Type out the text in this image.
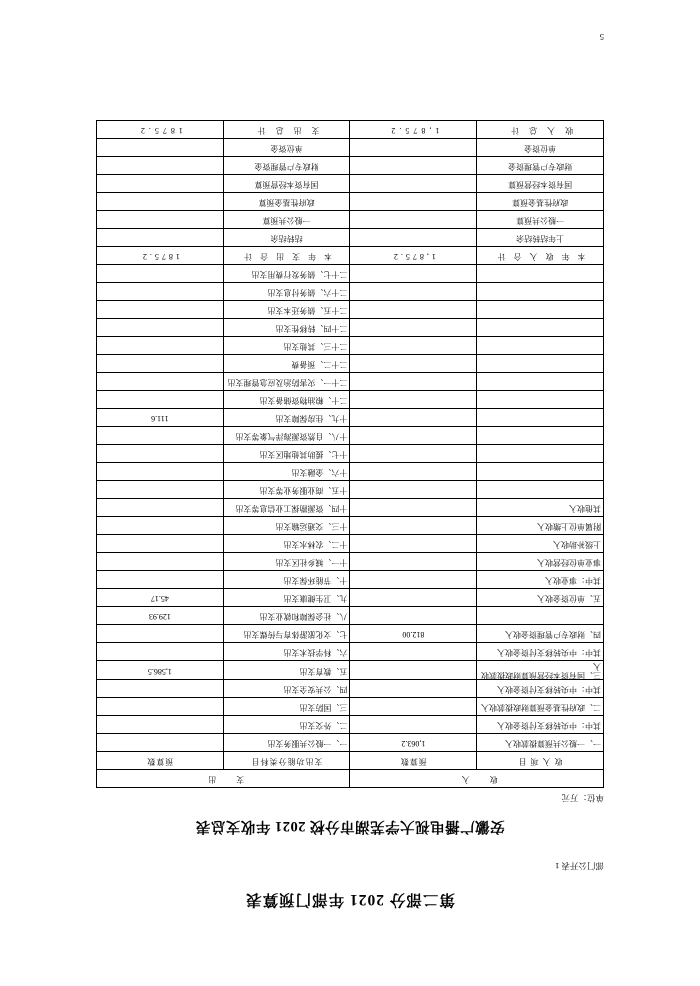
第二部分 2021 年部门预算表
部门公开表 1
安徽广播电视大学芜湖市分校 2021 年收支总表
单位：万元
5
收　入		支　出	
收 入 项 目	预算数	支出功能分类科目	预算数
一、一般公共预算拨款收入	1,063.2	一、一般公共服务支出	
其中：中央转移支付资金收入		二、外交支出	
二、政府性基金预算财政拨款收入		三、国防支出	
其中：中央转移支付资金收入		四、公共安全支出	
三、国有资本经营预算财政拨款收入		五、教育支出	1,586.5
其中：中央转移支付资金收入		六、科学技术支出	
四、财政专户管理资金收入	812.00	七、文化旅游体育与传媒支出	
		八、社会保障和就业支出	129.93
五、单位资金收入		九、卫生健康支出	45.17
其中：事业收入		十、节能环保支出	
事业单位经营收入		十一、城乡社区支出	
上级补助收入		十二、农林水支出	
附属单位上缴收入		十三、交通运输支出	
其他收入		十四、资源勘探工业信息等支出	
		十五、商业服务业等支出	
		十六、金融支出	
		十七、援助其他地区支出	
		十八、自然资源海洋气象等支出	
		十九、住房保障支出	111.6
		二十、粮油物资储备支出	
		二十一、灾害防治及应急管理支出	
		二十二、预备费	
		二十三、其他支出	
		二十四、转移性支出	
		二十五、债务还本支出	
		二十六、债务付息支出	
		二十七、债务发行费用支出	
本 年 收 入 合 计	1,875.2	本 年 支 出 合 计	1875.2
上年结转结余		结转结余	
一般公共预算		一般公共预算	
政府性基金预算		政府性基金预算	
国有资本经营预算		国有资本经营预算	
财政专户管理资金		财政专户管理资金	
单位资金		单位资金	
收 入 总 计	1,875.2	支 出 总 计	1875.2
